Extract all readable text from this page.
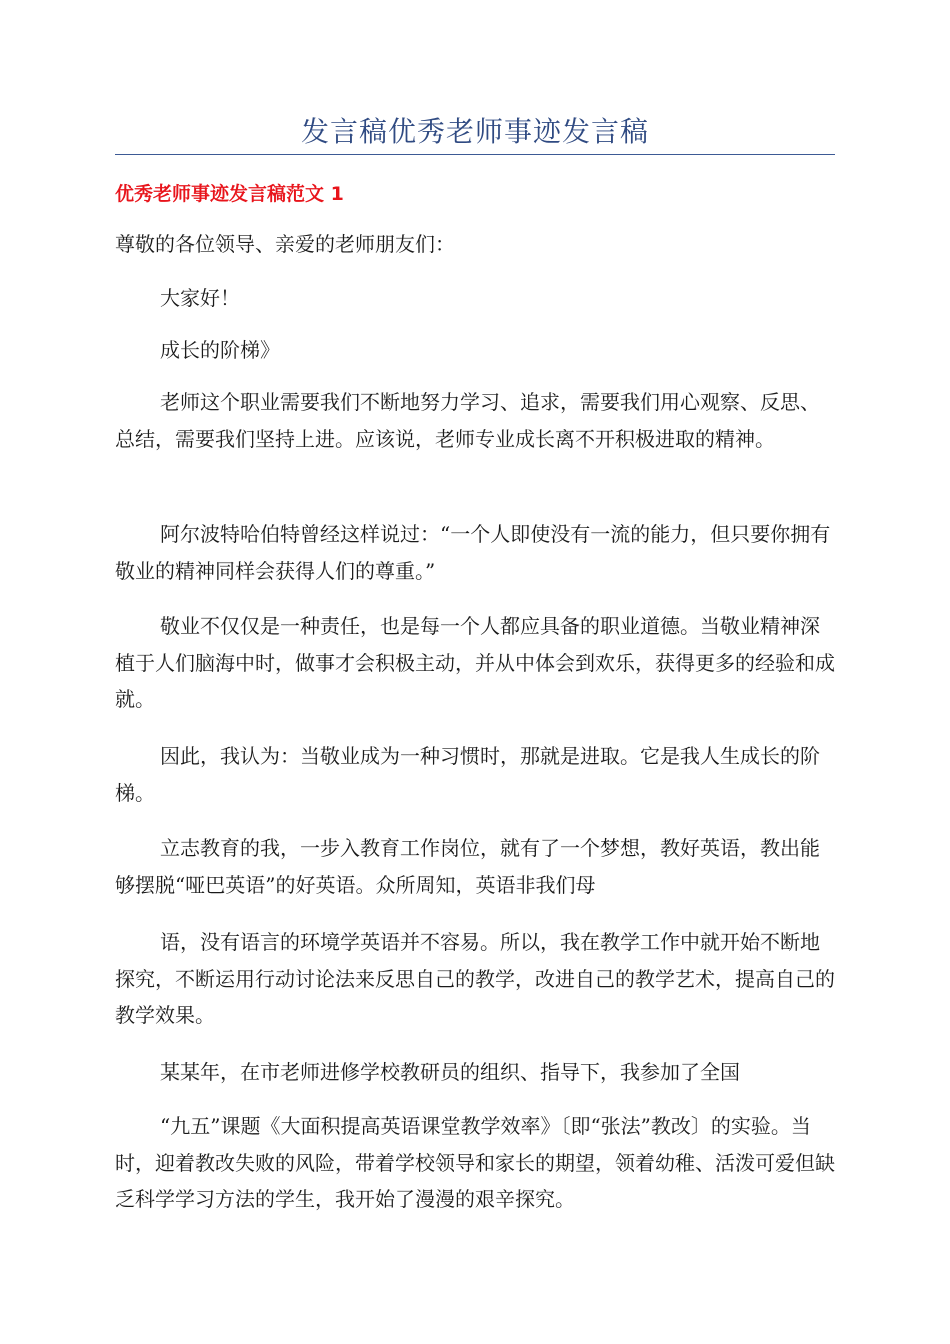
发言稿优秀老师事迹发言稿
优秀老师事迹发言稿范文 1

尊敬的各位领导、亲爱的老师朋友们：

大家好！

成长的阶梯》

老师这个职业需要我们不断地努力学习、追求，需要我们用心观察、反思、总结，需要我们坚持上进。应该说，老师专业成长离不开积极进取的精神。

阿尔波特哈伯特曾经这样说过：“一个人即使没有一流的能力，但只要你拥有敬业的精神同样会获得人们的尊重。”

敬业不仅仅是一种责任，也是每一个人都应具备的职业道德。当敬业精神深植于人们脑海中时，做事才会积极主动，并从中体会到欢乐，获得更多的经验和成就。

因此，我认为：当敬业成为一种习惯时，那就是进取。它是我人生成长的阶梯。

立志教育的我，一步入教育工作岗位，就有了一个梦想，教好英语，教出能够摆脱“哑巴英语”的好英语。众所周知，英语非我们母

语，没有语言的环境学英语并不容易。所以，我在教学工作中就开始不断地探究，不断运用行动讨论法来反思自己的教学，改进自己的教学艺术，提高自己的教学效果。

某某年，在市老师进修学校教研员的组织、指导下，我参加了全国

“九五”课题《大面积提高英语课堂教学效率》〔即“张法”教改〕的实验。当时，迎着教改失败的风险，带着学校领导和家长的期望，领着幼稚、活泼可爱但缺乏科学学习方法的学生，我开始了漫漫的艰辛探究。
